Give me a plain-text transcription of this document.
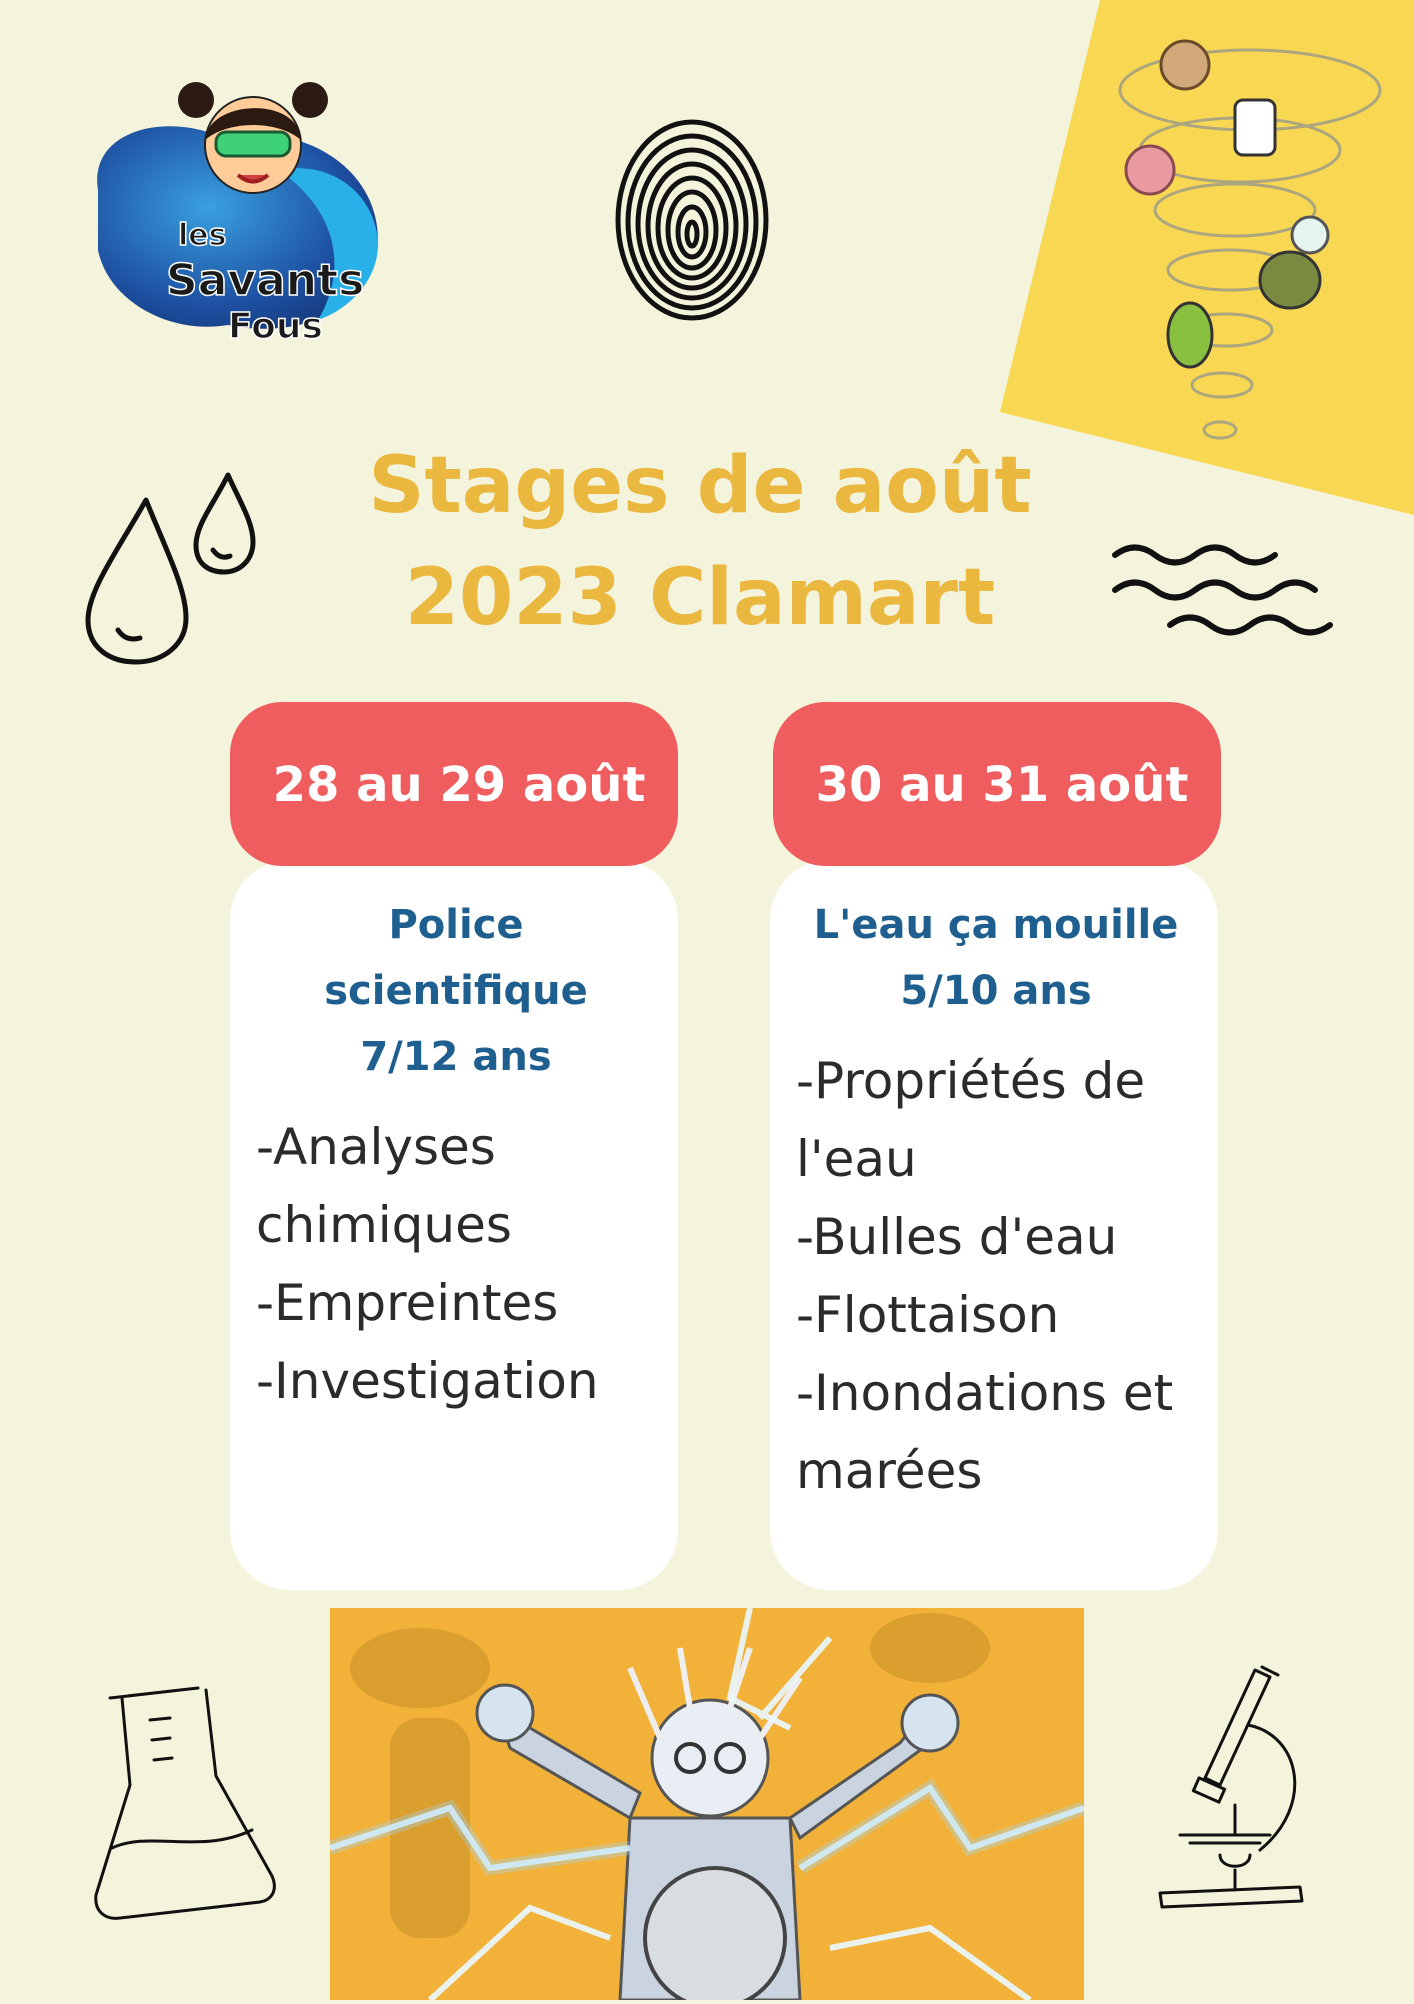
les
Savants
Fous
Stages de août
2023 Clamart
Police scientifique
7/12 ans
-Analyses chimiques
-Empreintes
-Investigation
28 au 29 août
L'eau ça mouille
5/10 ans
-Propriétés de l'eau
-Bulles d'eau
-Flottaison
-Inondations et marées
30 au 31 août
